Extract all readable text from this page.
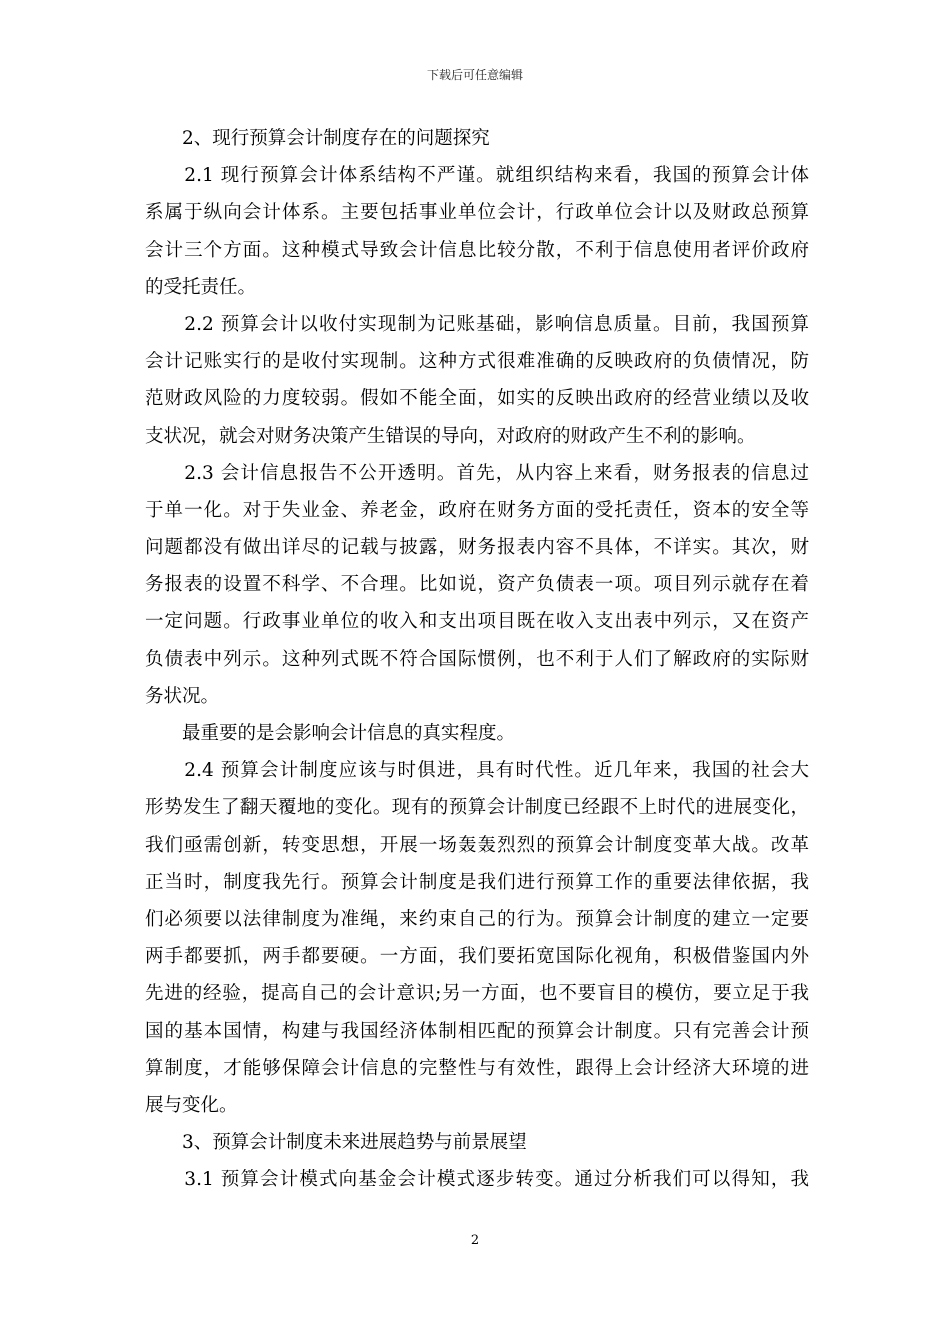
下载后可任意编辑
　　2、现行预算会计制度存在的问题探究
　　2.1 现行预算会计体系结构不严谨。就组织结构来看，我国的预算会计体
系属于纵向会计体系。主要包括事业单位会计，行政单位会计以及财政总预算
会计三个方面。这种模式导致会计信息比较分散，不利于信息使用者评价政府
的受托责任。
　　2.2 预算会计以收付实现制为记账基础，影响信息质量。目前，我国预算
会计记账实行的是收付实现制。这种方式很难准确的反映政府的负债情况，防
范财政风险的力度较弱。假如不能全面，如实的反映出政府的经营业绩以及收
支状况，就会对财务决策产生错误的导向，对政府的财政产生不利的影响。
　　2.3 会计信息报告不公开透明。首先，从内容上来看，财务报表的信息过
于单一化。对于失业金、养老金，政府在财务方面的受托责任，资本的安全等
问题都没有做出详尽的记载与披露，财务报表内容不具体，不详实。其次，财
务报表的设置不科学、不合理。比如说，资产负债表一项。项目列示就存在着
一定问题。行政事业单位的收入和支出项目既在收入支出表中列示，又在资产
负债表中列示。这种列式既不符合国际惯例，也不利于人们了解政府的实际财
务状况。
　　最重要的是会影响会计信息的真实程度。
　　2.4 预算会计制度应该与时俱进，具有时代性。近几年来，我国的社会大
形势发生了翻天覆地的变化。现有的预算会计制度已经跟不上时代的进展变化，
我们亟需创新，转变思想，开展一场轰轰烈烈的预算会计制度变革大战。改革
正当时，制度我先行。预算会计制度是我们进行预算工作的重要法律依据，我
们必须要以法律制度为准绳，来约束自己的行为。预算会计制度的建立一定要
两手都要抓，两手都要硬。一方面，我们要拓宽国际化视角，积极借鉴国内外
先进的经验，提高自己的会计意识;另一方面，也不要盲目的模仿，要立足于我
国的基本国情，构建与我国经济体制相匹配的预算会计制度。只有完善会计预
算制度，才能够保障会计信息的完整性与有效性，跟得上会计经济大环境的进
展与变化。
　　3、预算会计制度未来进展趋势与前景展望
　　3.1 预算会计模式向基金会计模式逐步转变。通过分析我们可以得知，我
2
